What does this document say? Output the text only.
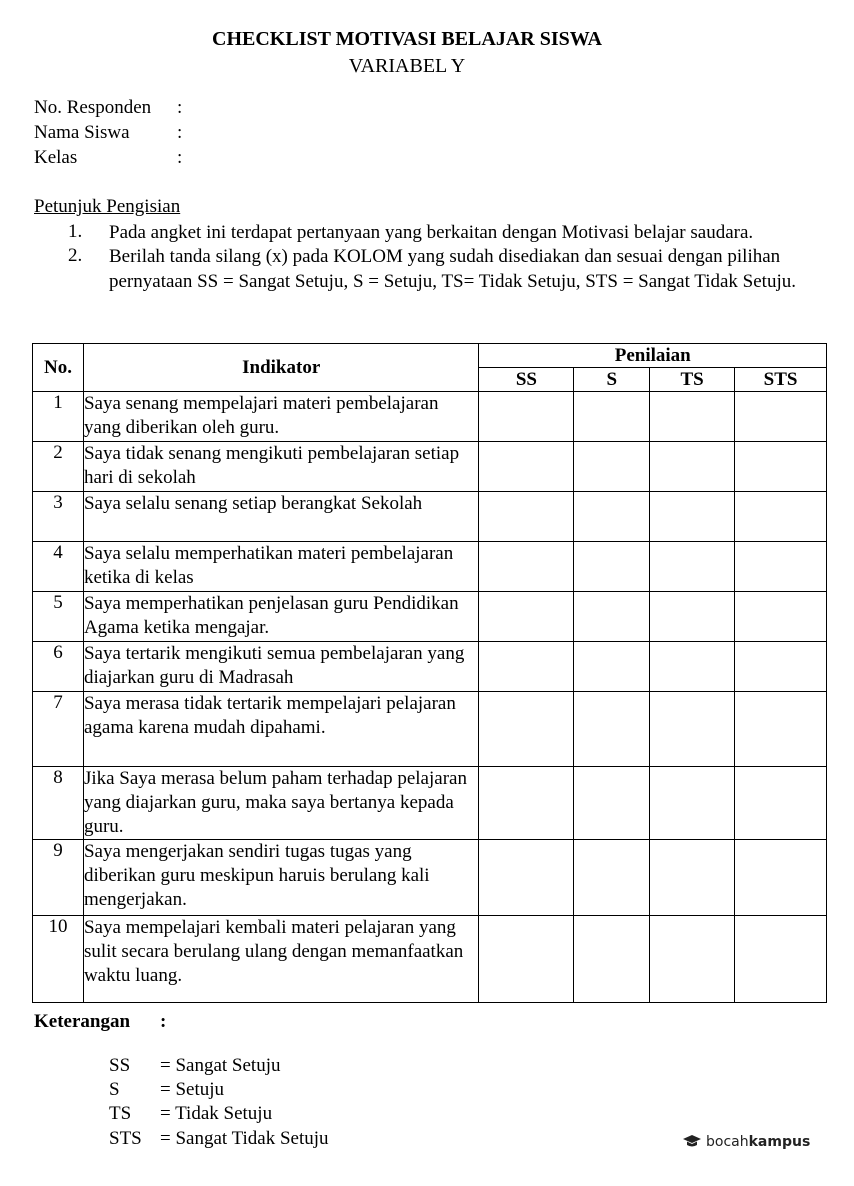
CHECKLIST MOTIVASI BELAJAR SISWA
VARIABEL Y
No. Responden :
Nama Siswa :
Kelas	:
Petunjuk Pengisian
1. Pada angket ini terdapat pertanyaan yang berkaitan dengan Motivasi belajar saudara.
2. Berilah tanda silang (x) pada KOLOM yang sudah disediakan dan sesuai dengan pilihan pernyataan SS = Sangat Setuju, S = Setuju, TS= Tidak Setuju, STS = Sangat Tidak Setuju.
No.	Indikator	Penilaian			
		SS	S	TS	STS
1	Saya senang mempelajari materi pembelajaran yang diberikan oleh guru.				
2	Saya tidak senang mengikuti pembelajaran setiap hari di sekolah				
3	Saya selalu senang setiap berangkat Sekolah				
4	Saya selalu memperhatikan materi pembelajaran ketika di kelas				
5	Saya memperhatikan penjelasan guru Pendidikan Agama ketika mengajar.				
6	Saya tertarik mengikuti semua pembelajaran yang diajarkan guru di Madrasah				
7	Saya merasa tidak tertarik mempelajari pelajaran agama karena mudah dipahami.				
8	Jika Saya merasa belum paham terhadap pelajaran yang diajarkan guru, maka saya bertanya kepada guru.				
9	Saya mengerjakan sendiri tugas tugas yang diberikan guru meskipun haruis berulang kali mengerjakan.				
10	Saya mempelajari kembali materi pelajaran yang sulit secara berulang ulang dengan memanfaatkan waktu luang.				
Keterangan :
SS = Sangat Setuju
S = Setuju
TS = Tidak Setuju
STS = Sangat Tidak Setuju	bocah kampus
